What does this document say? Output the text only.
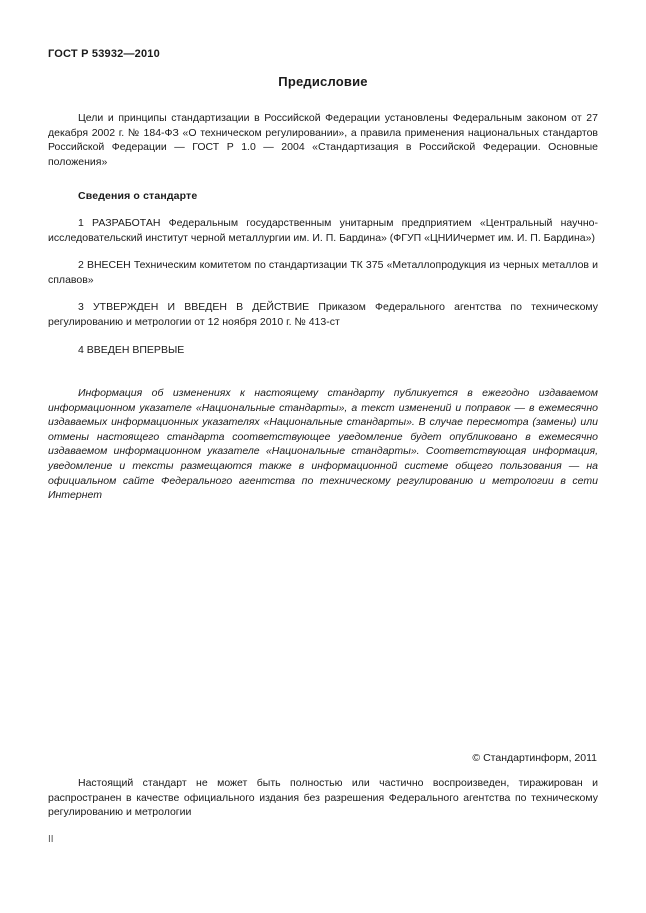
ГОСТ Р 53932—2010
Предисловие

Цели и принципы стандартизации в Российской Федерации установлены Федеральным законом от 27 декабря 2002 г. № 184-ФЗ «О техническом регулировании», а правила применения национальных стандартов Российской Федерации — ГОСТ Р 1.0 — 2004 «Стандартизация в Российской Федерации. Основные положения»

Сведения о стандарте

1 РАЗРАБОТАН Федеральным государственным унитарным предприятием «Центральный научно-исследовательский институт черной металлургии им. И. П. Бардина» (ФГУП «ЦНИИчермет им. И. П. Бардина»)

2 ВНЕСЕН Техническим комитетом по стандартизации ТК 375 «Металлопродукция из черных металлов и сплавов»

3 УТВЕРЖДЕН И ВВЕДЕН В ДЕЙСТВИЕ Приказом Федерального агентства по техническому регулированию и метрологии от 12 ноября 2010 г. № 413-ст

4 ВВЕДЕН ВПЕРВЫЕ

Информация об изменениях к настоящему стандарту публикуется в ежегодно издаваемом информационном указателе «Национальные стандарты», а текст изменений и поправок — в ежемесячно издаваемых информационных указателях «Национальные стандарты». В случае пересмотра (замены) или отмены настоящего стандарта соответствующее уведомление будет опубликовано в ежемесячно издаваемом информационном указателе «Национальные стандарты». Соответствующая информация, уведомление и тексты размещаются также в информационной системе общего пользования — на официальном сайте Федерального агентства по техническому регулированию и метрологии в сети Интернет

© Стандартинформ, 2011

Настоящий стандарт не может быть полностью или частично воспроизведен, тиражирован и распространен в качестве официального издания без разрешения Федерального агентства по техническому регулированию и метрологии

II
